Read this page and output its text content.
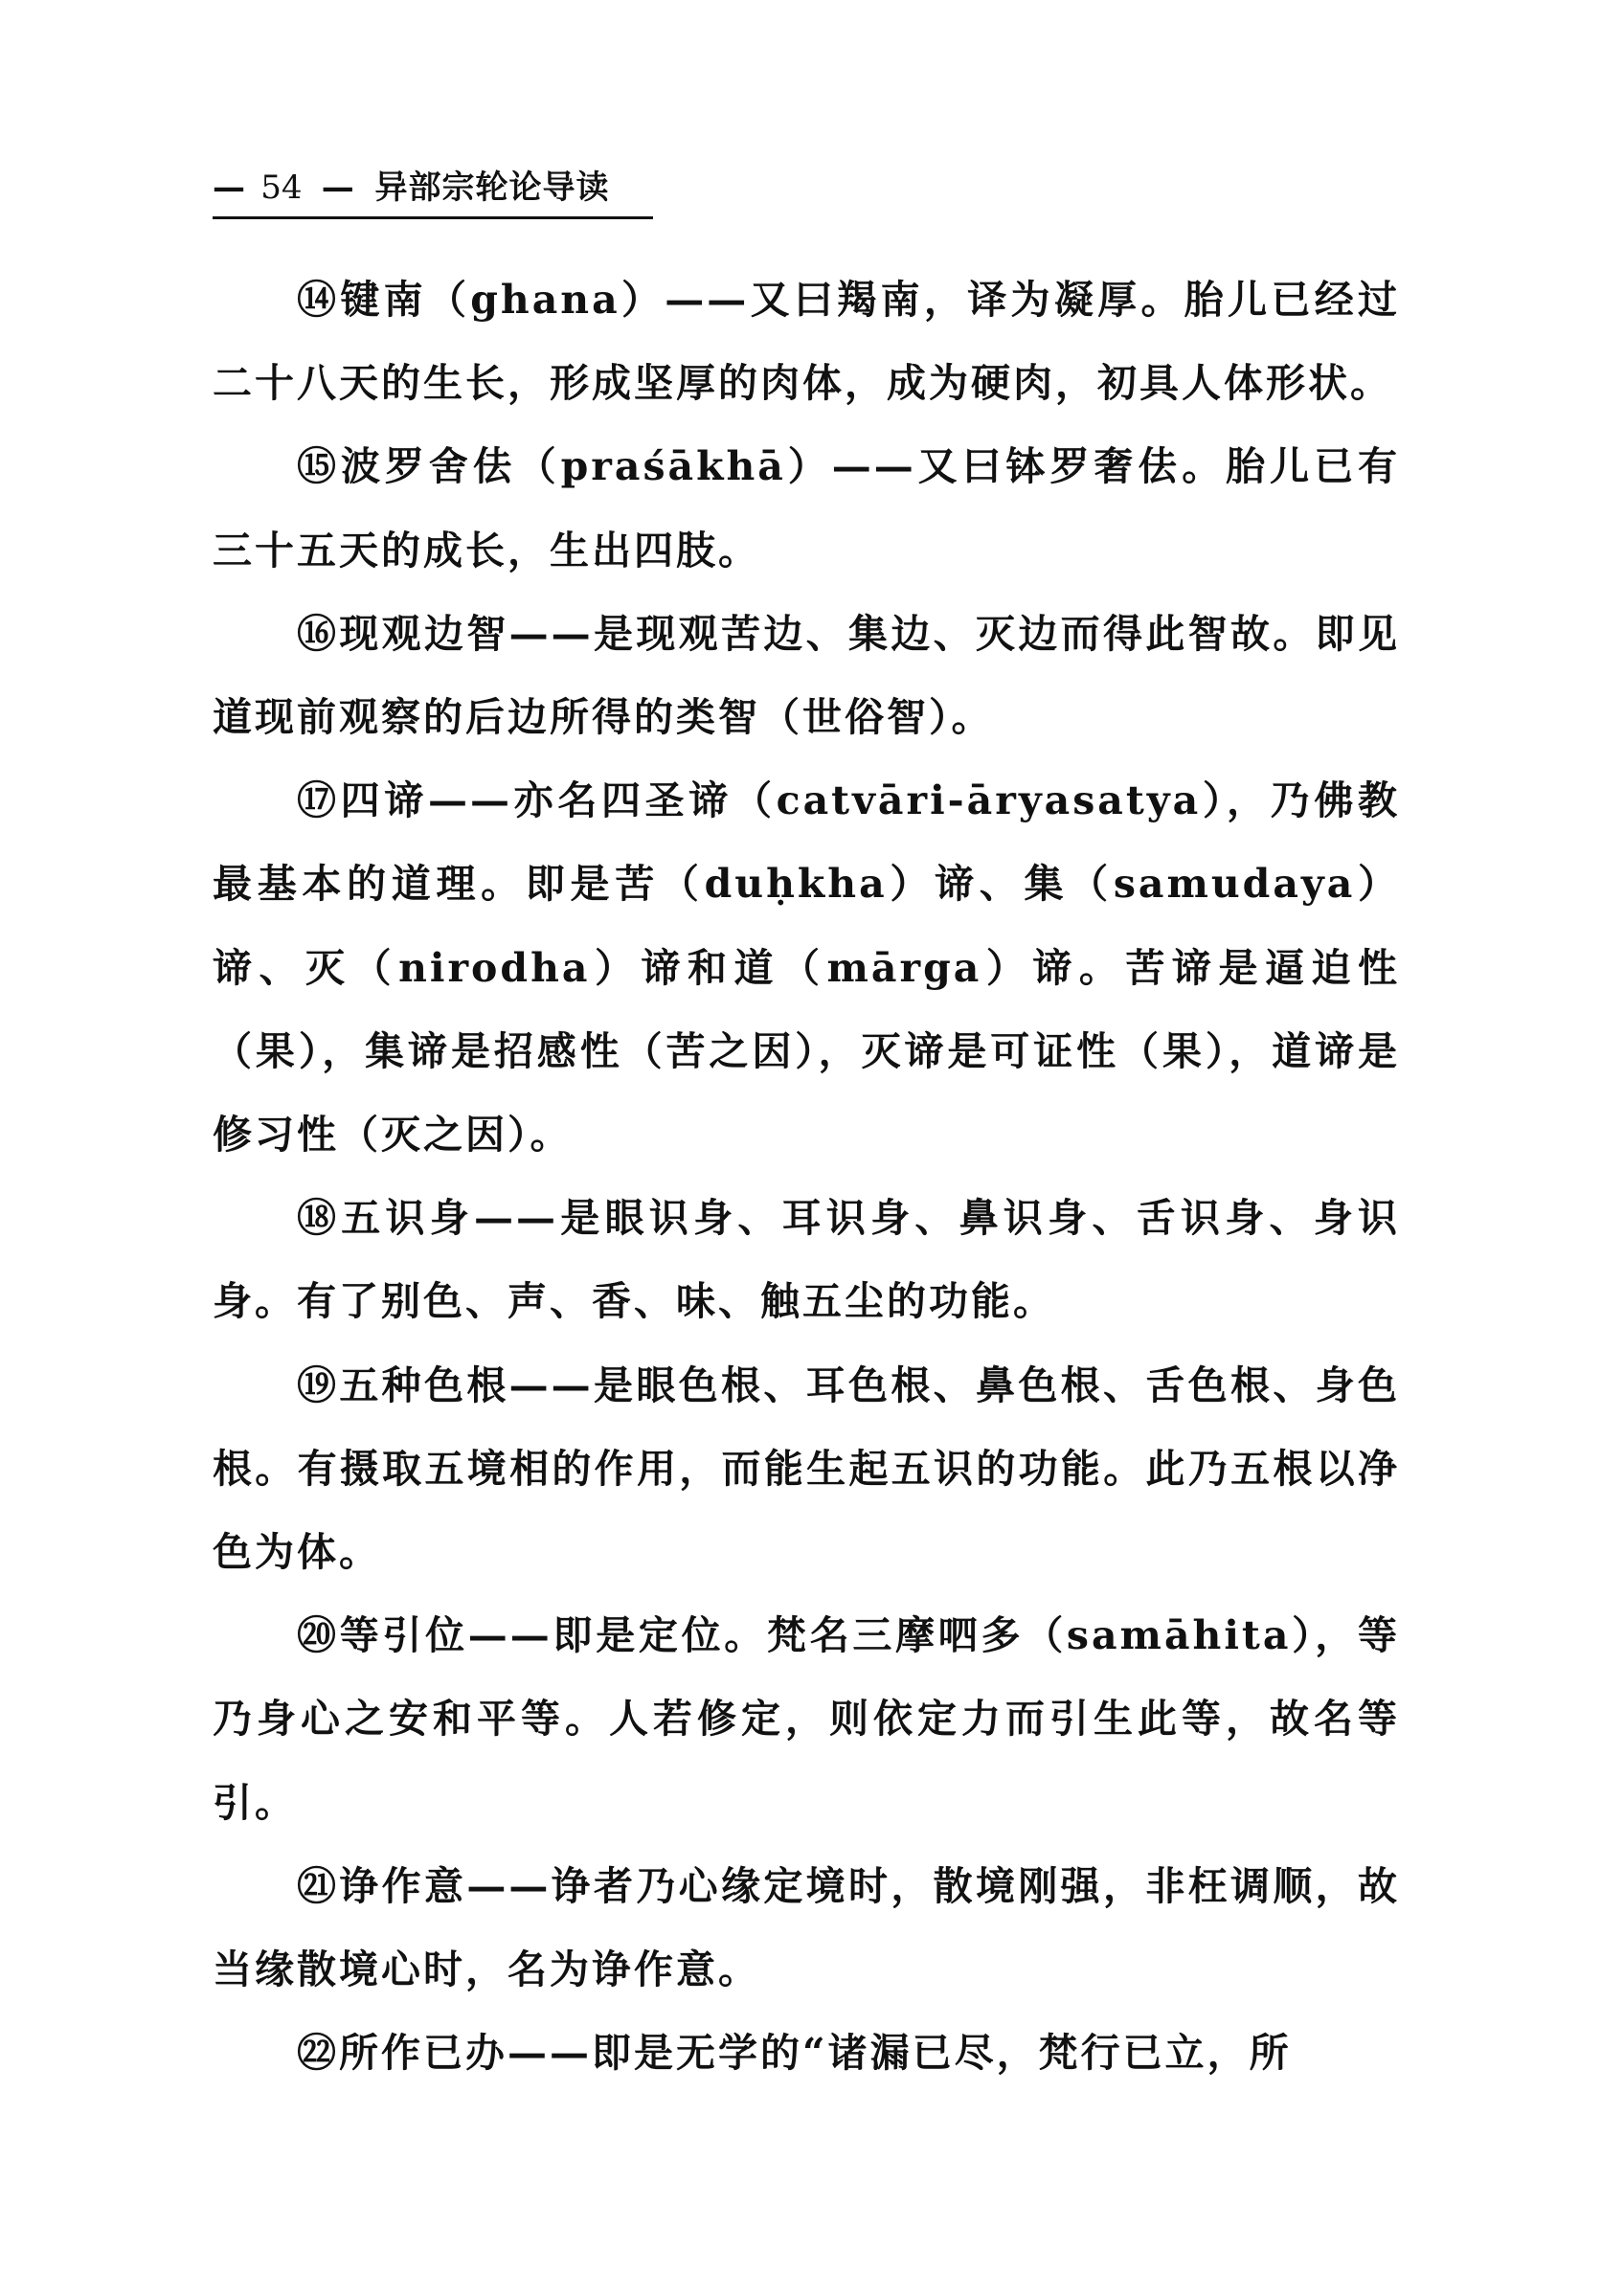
— 54 — 异部宗轮论导读

⑭键南（ghana）——又曰羯南，译为凝厚。胎儿已经过二十八天的生长，形成坚厚的肉体，成为硬肉，初具人体形状。

⑮波罗舍佉（praśākhā）——又曰钵罗奢佉。胎儿已有三十五天的成长，生出四肢。

⑯现观边智——是现观苦边、集边、灭边而得此智故。即见道现前观察的后边所得的类智（世俗智）。

⑰四谛——亦名四圣谛（catvāri-āryasatya），乃佛教最基本的道理。即是苦（duḥkha）谛、集（samudaya）谛、灭（nirodha）谛和道（mārga）谛。苦谛是逼迫性（果），集谛是招感性（苦之因），灭谛是可证性（果），道谛是修习性（灭之因）。

⑱五识身——是眼识身、耳识身、鼻识身、舌识身、身识身。有了别色、声、香、味、触五尘的功能。

⑲五种色根——是眼色根、耳色根、鼻色根、舌色根、身色根。有摄取五境相的作用，而能生起五识的功能。此乃五根以净色为体。

⑳等引位——即是定位。梵名三摩呬多（samāhita），等乃身心之安和平等。人若修定，则依定力而引生此等，故名等引。

㉑诤作意——诤者乃心缘定境时，散境刚强，非枉调顺，故当缘散境心时，名为诤作意。

㉒所作已办——即是无学的“诸漏已尽，梵行已立，所
